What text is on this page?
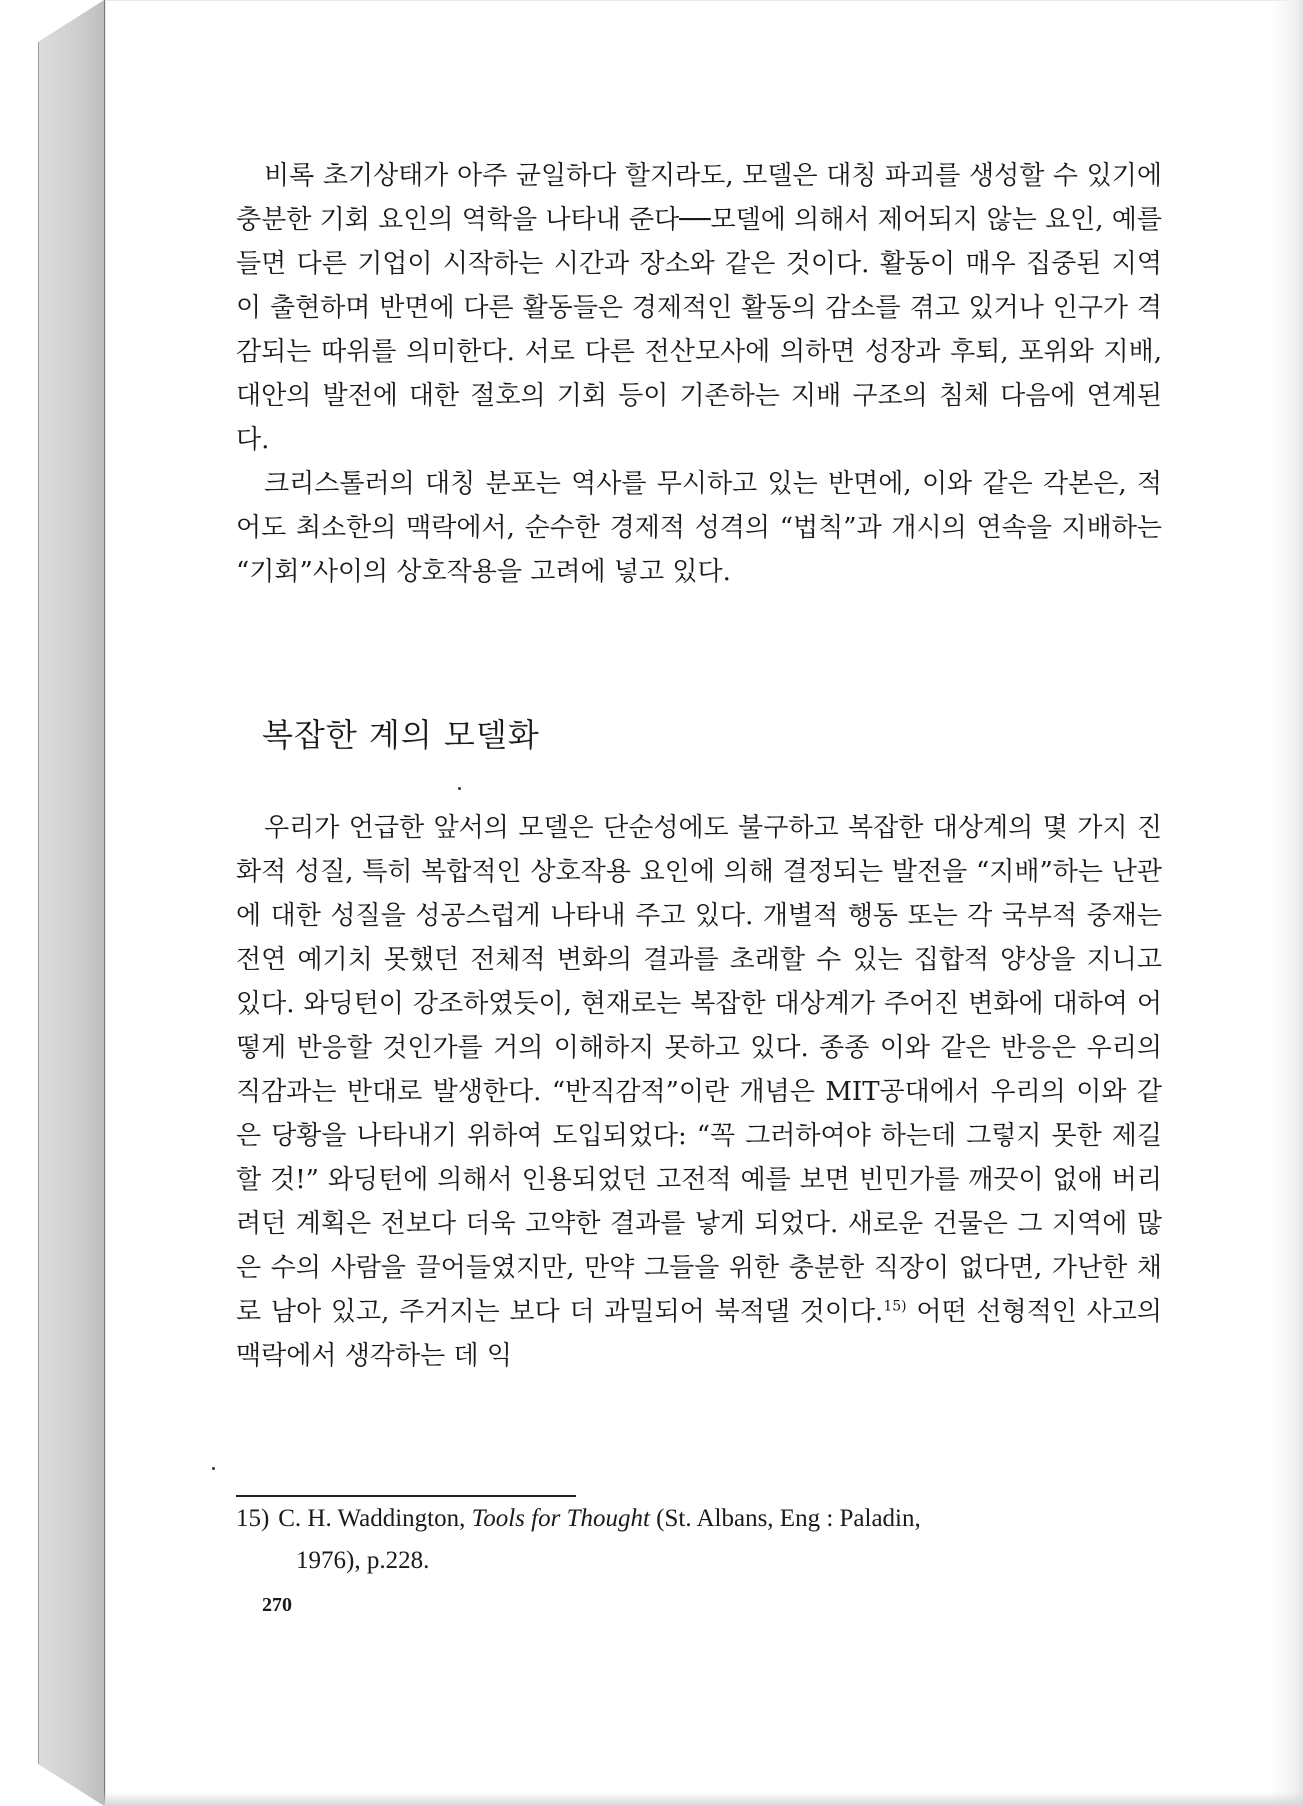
비록 초기상태가 아주 균일하다 할지라도, 모델은 대칭 파괴를 생성할 수 있기에 충분한 기회 요인의 역학을 나타내 준다──모델에 의해서 제어되지 않는 요인, 예를 들면 다른 기업이 시작하는 시간과 장소와 같은 것이다. 활동이 매우 집중된 지역이 출현하며 반면에 다른 활동들은 경제적인 활동의 감소를 겪고 있거나 인구가 격감되는 따위를 의미한다. 서로 다른 전산모사에 의하면 성장과 후퇴, 포위와 지배, 대안의 발전에 대한 절호의 기회 등이 기존하는 지배 구조의 침체 다음에 연계된다.

크리스톨러의 대칭 분포는 역사를 무시하고 있는 반면에, 이와 같은 각본은, 적어도 최소한의 맥락에서, 순수한 경제적 성격의 “법칙”과 개시의 연속을 지배하는 “기회”사이의 상호작용을 고려에 넣고 있다.

복잡한 계의 모델화

우리가 언급한 앞서의 모델은 단순성에도 불구하고 복잡한 대상계의 몇 가지 진화적 성질, 특히 복합적인 상호작용 요인에 의해 결정되는 발전을 “지배”하는 난관에 대한 성질을 성공스럽게 나타내 주고 있다. 개별적 행동 또는 각 국부적 중재는 전연 예기치 못했던 전체적 변화의 결과를 초래할 수 있는 집합적 양상을 지니고 있다. 와딩턴이 강조하였듯이, 현재로는 복잡한 대상계가 주어진 변화에 대하여 어떻게 반응할 것인가를 거의 이해하지 못하고 있다. 종종 이와 같은 반응은 우리의 직감과는 반대로 발생한다. “반직감적”이란 개념은 MIT공대에서 우리의 이와 같은 당황을 나타내기 위하여 도입되었다: “꼭 그러하여야 하는데 그렇지 못한 제길할 것!” 와딩턴에 의해서 인용되었던 고전적 예를 보면 빈민가를 깨끗이 없애 버리려던 계획은 전보다 더욱 고약한 결과를 낳게 되었다. 새로운 건물은 그 지역에 많은 수의 사람을 끌어들였지만, 만약 그들을 위한 충분한 직장이 없다면, 가난한 채로 남아 있고, 주거지는 보다 더 과밀되어 북적댈 것이다.$^{15)}$ 어떤 선형적인 사고의 맥락에서 생각하는 데 익

15) C. H. Waddington, Tools for Thought (St. Albans, Eng : Paladin,
1976), p.228.
270
